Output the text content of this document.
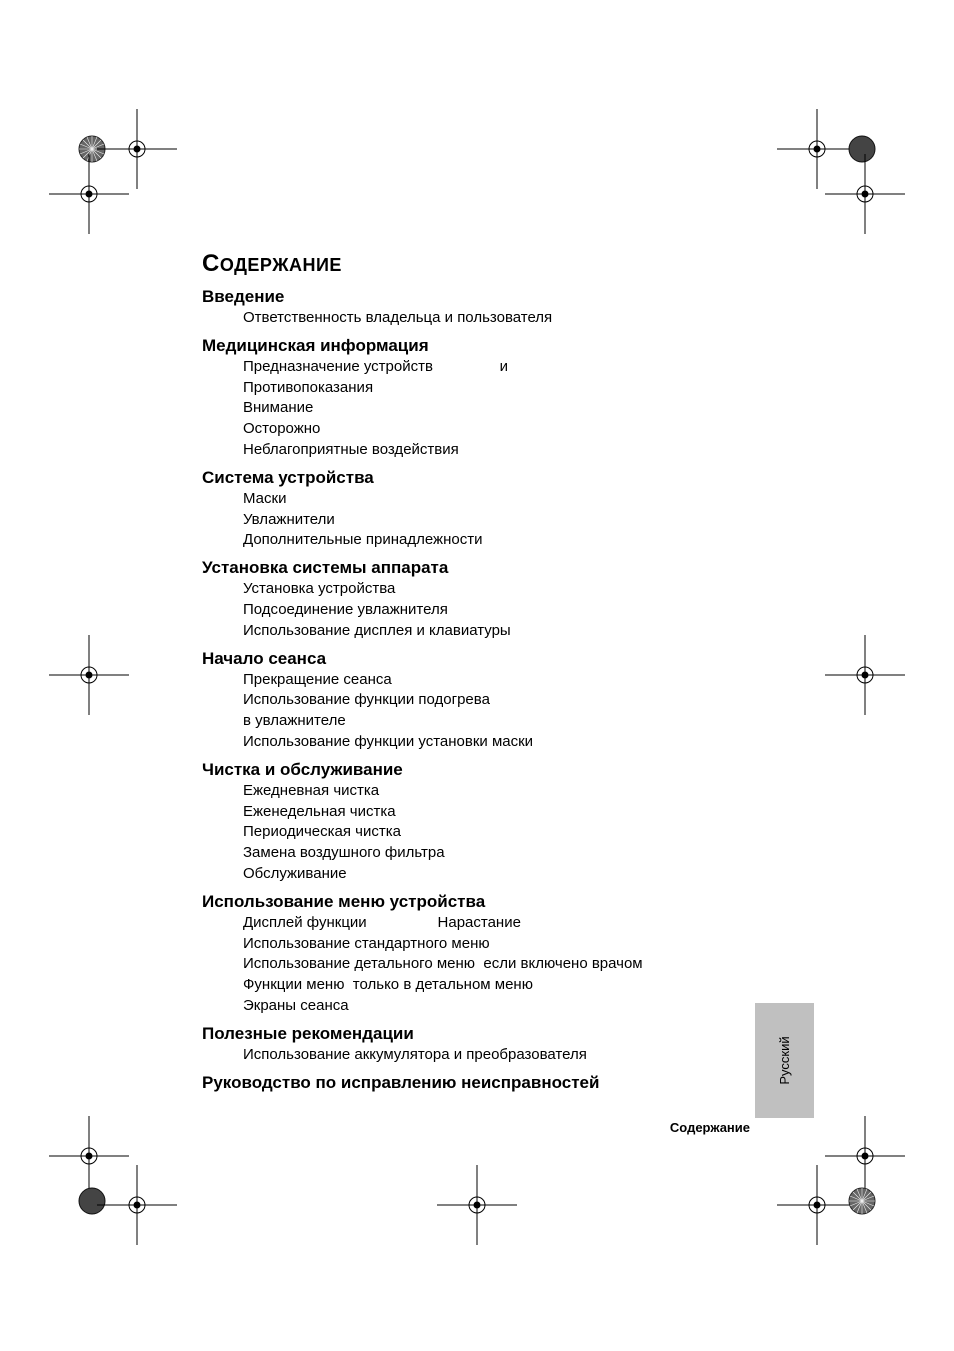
СОДЕРЖАНИЕ
Введение
Ответственность владельца и пользователя
Медицинская информация
Предназначение устройств                и
Противопоказания
Внимание
Осторожно
Неблагоприятные воздействия
Система устройства
Маски
Увлажнители
Дополнительные принадлежности
Установка системы аппарата
Установка устройства
Подсоединение увлажнителя
Использование дисплея и клавиатуры
Начало сеанса
Прекращение сеанса
Использование функции подогрева
в увлажнителе
Использование функции установки маски
Чистка и обслуживание
Ежедневная чистка
Еженедельная чистка
Периодическая чистка
Замена воздушного фильтра
Обслуживание
Использование меню устройства
Дисплей функции                 Нарастание
Использование стандартного меню
Использование детального меню  если включено врачом
Функции меню  только в детальном меню
Экраны сеанса
Полезные рекомендации
Использование аккумулятора и преобразователя
Руководство по исправлению неисправностей	Русский
Содержание
